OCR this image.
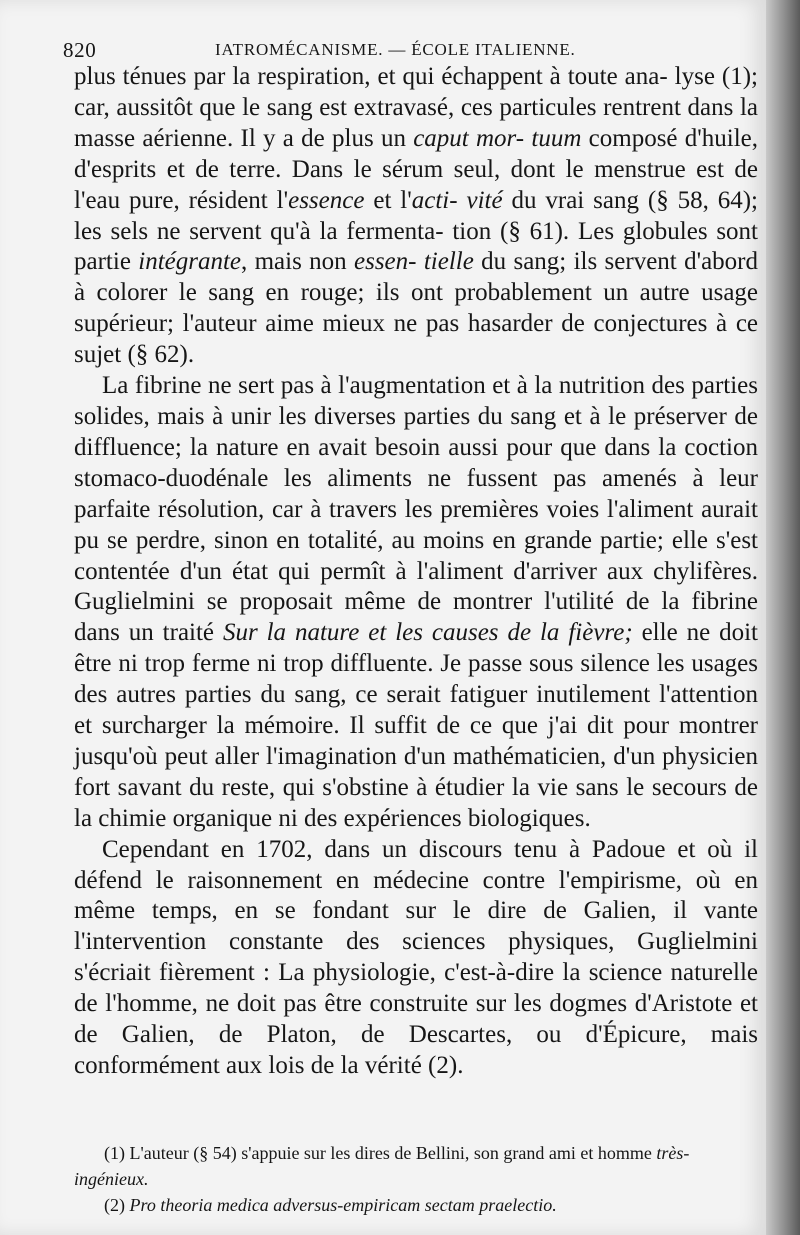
820	IATROMÉCANISME. — ÉCOLE ITALIENNE.

plus ténues par la respiration, et qui échappent à toute ana- lyse (1); car, aussitôt que le sang est extravasé, ces particules rentrent dans la masse aérienne. Il y a de plus un caput mor- tuum composé d'huile, d'esprits et de terre. Dans le sérum seul, dont le menstrue est de l'eau pure, résident l'essence et l'acti- vité du vrai sang (§ 58, 64); les sels ne servent qu'à la fermenta- tion (§ 61). Les globules sont partie intégrante, mais non essen- tielle du sang; ils servent d'abord à colorer le sang en rouge; ils ont probablement un autre usage supérieur; l'auteur aime mieux ne pas hasarder de conjectures à ce sujet (§ 62).

La fibrine ne sert pas à l'augmentation et à la nutrition des parties solides, mais à unir les diverses parties du sang et à le préserver de diffluence; la nature en avait besoin aussi pour que dans la coction stomaco-duodénale les aliments ne fussent pas amenés à leur parfaite résolution, car à travers les premières voies l'aliment aurait pu se perdre, sinon en totalité, au moins en grande partie; elle s'est contentée d'un état qui permît à l'aliment d'arriver aux chylifères. Guglielmini se proposait même de montrer l'utilité de la fibrine dans un traité Sur la nature et les causes de la fièvre; elle ne doit être ni trop ferme ni trop diffluente. Je passe sous silence les usages des autres parties du sang, ce serait fatiguer inutilement l'attention et surcharger la mémoire. Il suffit de ce que j'ai dit pour montrer jusqu'où peut aller l'imagination d'un mathématicien, d'un physicien fort savant du reste, qui s'obstine à étudier la vie sans le secours de la chimie organique ni des expériences biologiques.

Cependant en 1702, dans un discours tenu à Padoue et où il défend le raisonnement en médecine contre l'empirisme, où en même temps, en se fondant sur le dire de Galien, il vante l'intervention constante des sciences physiques, Guglielmini s'écriait fièrement : La physiologie, c'est-à-dire la science naturelle de l'homme, ne doit pas être construite sur les dogmes d'Aristote et de Galien, de Platon, de Descartes, ou d'Épicure, mais conformément aux lois de la vérité (2).

(1) L'auteur (§ 54) s'appuie sur les dires de Bellini, son grand ami et homme très-ingénieux.

(2) Pro theoria medica adversus-empiricam sectam praelectio.
